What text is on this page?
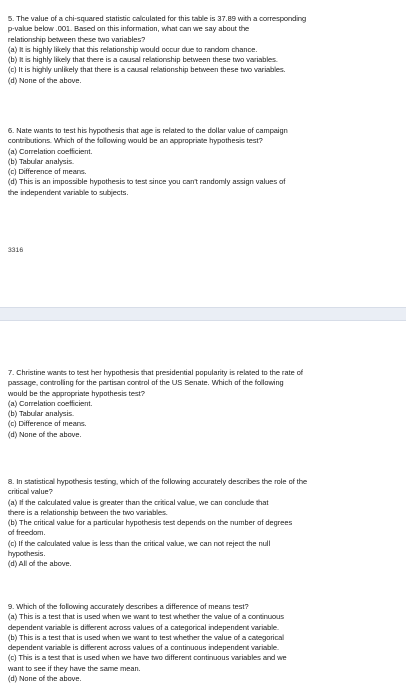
5. The value of a chi-squared statistic calculated for this table is 37.89 with a corresponding
p-value below .001. Based on this information, what can we say about the
relationship between these two variables?
(a) It is highly likely that this relationship would occur due to random chance.
(b) It is highly likely that there is a causal relationship between these two variables.
(c) It is highly unlikely that there is a causal relationship between these two variables.
(d) None of the above.
6. Nate wants to test his hypothesis that age is related to the dollar value of campaign
contributions. Which of the following would be an appropriate hypothesis test?
(a) Correlation coefficient.
(b) Tabular analysis.
(c) Difference of means.
(d) This is an impossible hypothesis to test since you can't randomly assign values of
the independent variable to subjects.
3316
7. Christine wants to test her hypothesis that presidential popularity is related to the rate of
passage, controlling for the partisan control of the US Senate. Which of the following
would be the appropriate hypothesis test?
(a) Correlation coefficient.
(b) Tabular analysis.
(c) Difference of means.
(d) None of the above.
8. In statistical hypothesis testing, which of the following accurately describes the role of the
critical value?
(a) If the calculated value is greater than the critical value, we can conclude that
there is a relationship between the two variables.
(b) The critical value for a particular hypothesis test depends on the number of degrees
of freedom.
(c) If the calculated value is less than the critical value, we can not reject the null
hypothesis.
(d) All of the above.
9. Which of the following accurately describes a difference of means test?
(a) This is a test that is used when we want to test whether the value of a continuous
dependent variable is different across values of a categorical independent variable.
(b) This is a test that is used when we want to test whether the value of a categorical
dependent variable is different across values of a continuous independent variable.
(c) This is a test that is used when we have two different continuous variables and we
want to see if they have the same mean.
(d) None of the above.
